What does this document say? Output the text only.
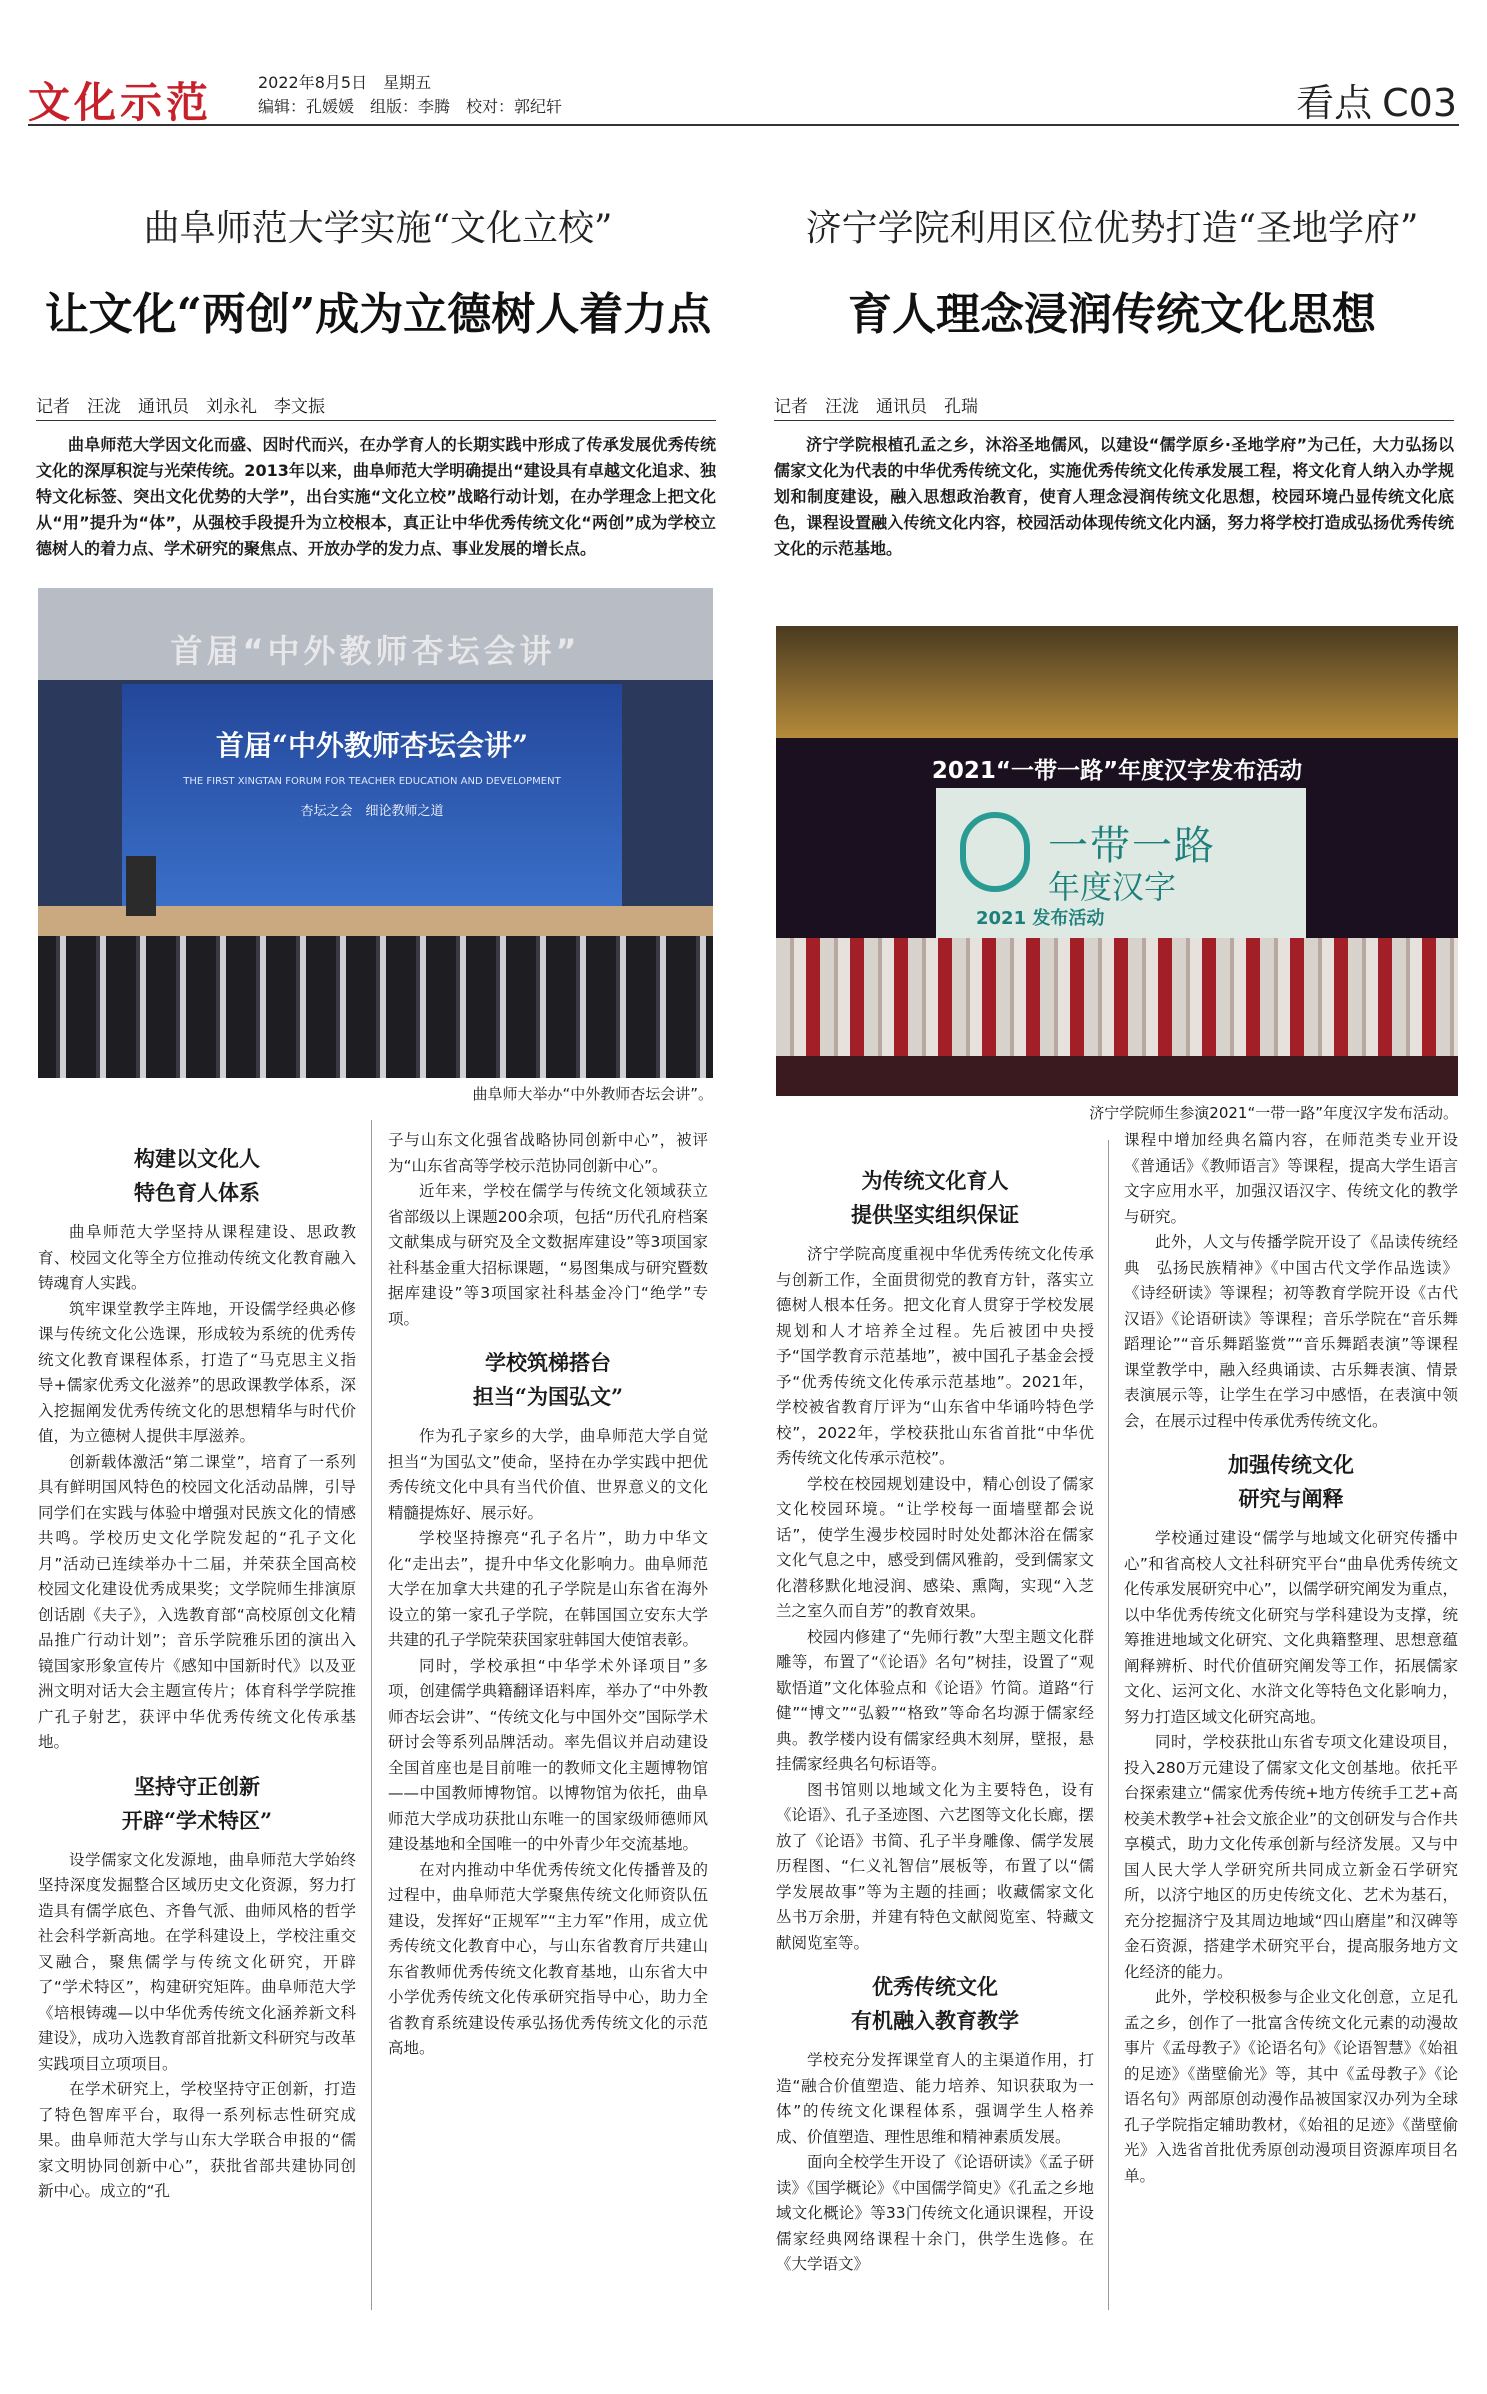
文化示范	2022年8月5日　星期五
编辑：孔媛媛　组版：李腾　校对：郭纪轩	看点 C03
曲阜师范大学实施“文化立校”
让文化“两创”成为立德树人着力点
记者　汪泷　通讯员　刘永礼　李文振
曲阜师范大学因文化而盛、因时代而兴，在办学育人的长期实践中形成了传承发展优秀传统文化的深厚积淀与光荣传统。2013年以来，曲阜师范大学明确提出“建设具有卓越文化追求、独特文化标签、突出文化优势的大学”，出台实施“文化立校”战略行动计划，在办学理念上把文化从“用”提升为“体”，从强校手段提升为立校根本，真正让中华优秀传统文化“两创”成为学校立德树人的着力点、学术研究的聚焦点、开放办学的发力点、事业发展的增长点。
济宁学院利用区位优势打造“圣地学府”
育人理念浸润传统文化思想
记者　汪泷　通讯员　孔瑞
济宁学院根植孔孟之乡，沐浴圣地儒风，以建设“儒学原乡·圣地学府”为己任，大力弘扬以儒家文化为代表的中华优秀传统文化，实施优秀传统文化传承发展工程，将文化育人纳入办学规划和制度建设，融入思想政治教育，使育人理念浸润传统文化思想，校园环境凸显传统文化底色，课程设置融入传统文化内容，校园活动体现传统文化内涵，努力将学校打造成弘扬优秀传统文化的示范基地。
首届“中外教师杏坛会讲”
首届“中外教师杏坛会讲”
THE FIRST XINGTAN FORUM FOR TEACHER EDUCATION AND DEVELOPMENT
杏坛之会　细论教师之道
曲阜师大举办“中外教师杏坛会讲”。
2021“一带一路”年度汉字发布活动
一带一路
年度汉字
2021 发布活动
济宁学院师生参演2021“一带一路”年度汉字发布活动。
构建以文化人
特色育人体系

曲阜师范大学坚持从课程建设、思政教育、校园文化等全方位推动传统文化教育融入铸魂育人实践。

筑牢课堂教学主阵地，开设儒学经典必修课与传统文化公选课，形成较为系统的优秀传统文化教育课程体系，打造了“马克思主义指导+儒家优秀文化滋养”的思政课教学体系，深入挖掘阐发优秀传统文化的思想精华与时代价值，为立德树人提供丰厚滋养。

创新载体激活“第二课堂”，培育了一系列具有鲜明国风特色的校园文化活动品牌，引导同学们在实践与体验中增强对民族文化的情感共鸣。学校历史文化学院发起的“孔子文化月”活动已连续举办十二届，并荣获全国高校校园文化建设优秀成果奖；文学院师生排演原创话剧《夫子》，入选教育部“高校原创文化精品推广行动计划”；音乐学院雅乐团的演出入镜国家形象宣传片《感知中国新时代》以及亚洲文明对话大会主题宣传片；体育科学学院推广孔子射艺，获评中华优秀传统文化传承基地。

坚持守正创新
开辟“学术特区”

设学儒家文化发源地，曲阜师范大学始终坚持深度发掘整合区域历史文化资源，努力打造具有儒学底色、齐鲁气派、曲师风格的哲学社会科学新高地。在学科建设上，学校注重交叉融合，聚焦儒学与传统文化研究，开辟了“学术特区”，构建研究矩阵。曲阜师范大学《培根铸魂—以中华优秀传统文化涵养新文科建设》，成功入选教育部首批新文科研究与改革实践项目立项项目。

在学术研究上，学校坚持守正创新，打造了特色智库平台，取得一系列标志性研究成果。曲阜师范大学与山东大学联合申报的“儒家文明协同创新中心”，获批省部共建协同创新中心。成立的“孔

子与山东文化强省战略协同创新中心”，被评为“山东省高等学校示范协同创新中心”。

近年来，学校在儒学与传统文化领域获立省部级以上课题200余项，包括“历代孔府档案文献集成与研究及全文数据库建设”等3项国家社科基金重大招标课题，“易图集成与研究暨数据库建设”等3项国家社科基金冷门“绝学”专项。

学校筑梯搭台
担当“为国弘文”

作为孔子家乡的大学，曲阜师范大学自觉担当“为国弘文”使命，坚持在办学实践中把优秀传统文化中具有当代价值、世界意义的文化精髓提炼好、展示好。

学校坚持擦亮“孔子名片”，助力中华文化“走出去”，提升中华文化影响力。曲阜师范大学在加拿大共建的孔子学院是山东省在海外设立的第一家孔子学院，在韩国国立安东大学共建的孔子学院荣获国家驻韩国大使馆表彰。

同时，学校承担“中华学术外译项目”多项，创建儒学典籍翻译语料库，举办了“中外教师杏坛会讲”、“传统文化与中国外交”国际学术研讨会等系列品牌活动。率先倡议并启动建设全国首座也是目前唯一的教师文化主题博物馆——中国教师博物馆。以博物馆为依托，曲阜师范大学成功获批山东唯一的国家级师德师风建设基地和全国唯一的中外青少年交流基地。

在对内推动中华优秀传统文化传播普及的过程中，曲阜师范大学聚焦传统文化师资队伍建设，发挥好“正规军”“主力军”作用，成立优秀传统文化教育中心，与山东省教育厅共建山东省教师优秀传统文化教育基地，山东省大中小学优秀传统文化传承研究指导中心，助力全省教育系统建设传承弘扬优秀传统文化的示范高地。

为传统文化育人
提供坚实组织保证

济宁学院高度重视中华优秀传统文化传承与创新工作，全面贯彻党的教育方针，落实立德树人根本任务。把文化育人贯穿于学校发展规划和人才培养全过程。先后被团中央授予“国学教育示范基地”，被中国孔子基金会授予“优秀传统文化传承示范基地”。2021年，学校被省教育厅评为“山东省中华诵吟特色学校”，2022年，学校获批山东省首批“中华优秀传统文化传承示范校”。

学校在校园规划建设中，精心创设了儒家文化校园环境。“让学校每一面墙壁都会说话”，使学生漫步校园时时处处都沐浴在儒家文化气息之中，感受到儒风雅韵，受到儒家文化潜移默化地浸润、感染、熏陶，实现“入芝兰之室久而自芳”的教育效果。

校园内修建了“先师行教”大型主题文化群雕等，布置了“《论语》名句”树挂，设置了“观歇悟道”文化体验点和《论语》竹简。道路“行健”“博文”“弘毅”“格致”等命名均源于儒家经典。教学楼内设有儒家经典木刻屏，壁报，悬挂儒家经典名句标语等。

图书馆则以地域文化为主要特色，设有《论语》、孔子圣迹图、六艺图等文化长廊，摆放了《论语》书简、孔子半身雕像、儒学发展历程图、“仁义礼智信”展板等，布置了以“儒学发展故事”等为主题的挂画；收藏儒家文化丛书万余册，并建有特色文献阅览室、特藏文献阅览室等。

优秀传统文化
有机融入教育教学

学校充分发挥课堂育人的主渠道作用，打造“融合价值塑造、能力培养、知识获取为一体”的传统文化课程体系，强调学生人格养成、价值塑造、理性思维和精神素质发展。

面向全校学生开设了《论语研读》《孟子研读》《国学概论》《中国儒学简史》《孔孟之乡地域文化概论》等33门传统文化通识课程，开设儒家经典网络课程十余门，供学生选修。在《大学语文》

课程中增加经典名篇内容，在师范类专业开设《普通话》《教师语言》等课程，提高大学生语言文字应用水平，加强汉语汉字、传统文化的教学与研究。

此外，人文与传播学院开设了《品读传统经典　弘扬民族精神》《中国古代文学作品选读》《诗经研读》等课程；初等教育学院开设《古代汉语》《论语研读》等课程；音乐学院在“音乐舞蹈理论”“音乐舞蹈鉴赏”“音乐舞蹈表演”等课程课堂教学中，融入经典诵读、古乐舞表演、情景表演展示等，让学生在学习中感悟，在表演中领会，在展示过程中传承优秀传统文化。

加强传统文化
研究与阐释

学校通过建设“儒学与地域文化研究传播中心”和省高校人文社科研究平台“曲阜优秀传统文化传承发展研究中心”，以儒学研究阐发为重点，以中华优秀传统文化研究与学科建设为支撑，统筹推进地域文化研究、文化典籍整理、思想意蕴阐释辨析、时代价值研究阐发等工作，拓展儒家文化、运河文化、水浒文化等特色文化影响力，努力打造区域文化研究高地。

同时，学校获批山东省专项文化建设项目，投入280万元建设了儒家文化文创基地。依托平台探索建立“儒家优秀传统+地方传统手工艺+高校美术教学+社会文旅企业”的文创研发与合作共享模式，助力文化传承创新与经济发展。又与中国人民大学人学研究所共同成立新金石学研究所，以济宁地区的历史传统文化、艺术为基石，充分挖掘济宁及其周边地域“四山磨崖”和汉碑等金石资源，搭建学术研究平台，提高服务地方文化经济的能力。

此外，学校积极参与企业文化创意，立足孔孟之乡，创作了一批富含传统文化元素的动漫故事片《孟母教子》《论语名句》《论语智慧》《始祖的足迹》《凿壁偷光》等，其中《孟母教子》《论语名句》两部原创动漫作品被国家汉办列为全球孔子学院指定辅助教材，《始祖的足迹》《凿壁偷光》入选省首批优秀原创动漫项目资源库项目名单。
